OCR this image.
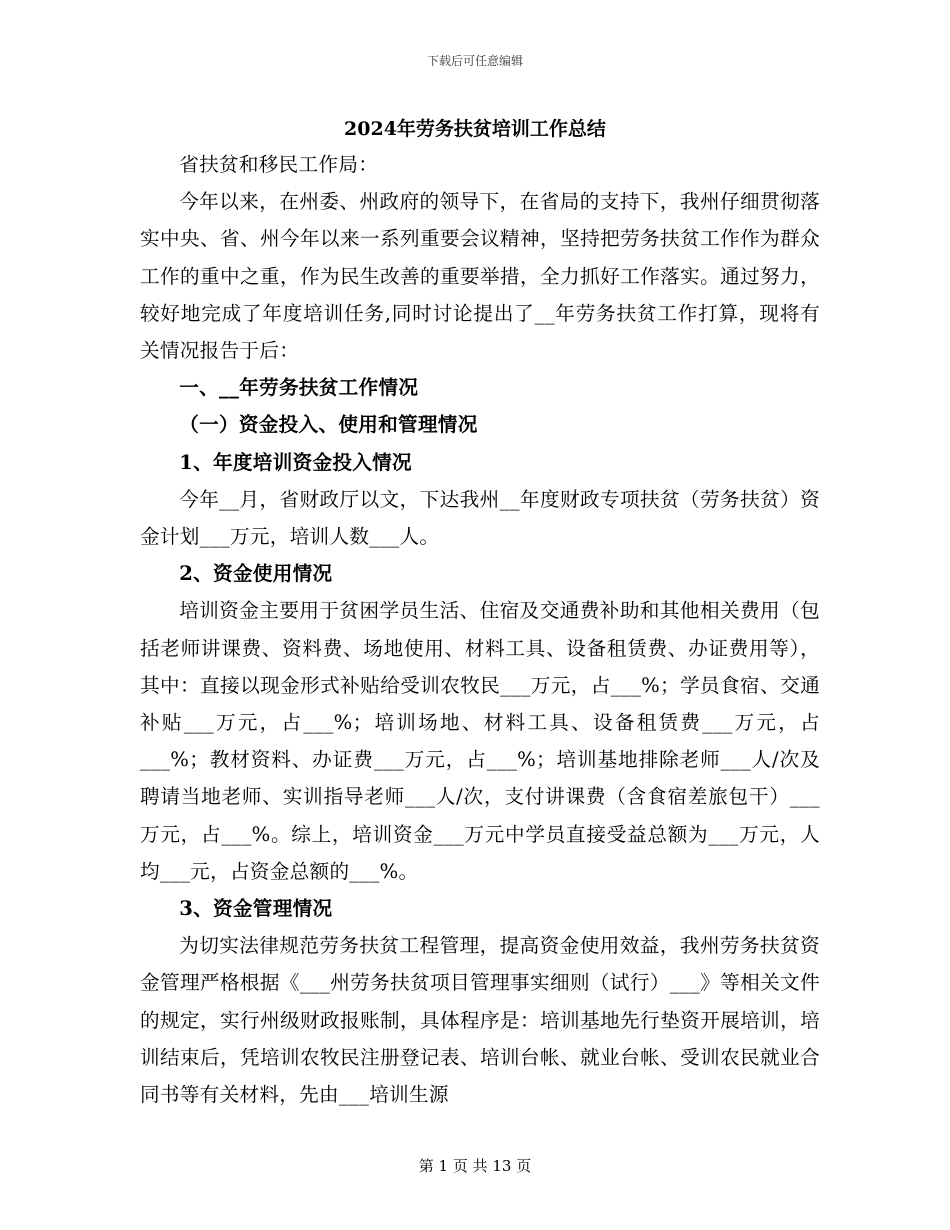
下载后可任意编辑
2024年劳务扶贫培训工作总结

省扶贫和移民工作局：

今年以来，在州委、州政府的领导下，在省局的支持下，我州仔细贯彻落实中央、省、州今年以来一系列重要会议精神，坚持把劳务扶贫工作作为群众工作的重中之重，作为民生改善的重要举措，全力抓好工作落实。通过努力，较好地完成了年度培训任务,同时讨论提出了__年劳务扶贫工作打算，现将有关情况报告于后：

一、__年劳务扶贫工作情况

（一）资金投入、使用和管理情况

1、年度培训资金投入情况

今年__月，省财政厅以文，下达我州__年度财政专项扶贫（劳务扶贫）资金计划___万元，培训人数___人。

2、资金使用情况

培训资金主要用于贫困学员生活、住宿及交通费补助和其他相关费用（包括老师讲课费、资料费、场地使用、材料工具、设备租赁费、办证费用等），其中：直接以现金形式补贴给受训农牧民___万元，占___%；学员食宿、交通补贴___万元，占___%；培训场地、材料工具、设备租赁费___万元，占___%；教材资料、办证费___万元，占___%；培训基地排除老师___人/次及聘请当地老师、实训指导老师___人/次，支付讲课费（含食宿差旅包干）___万元，占___%。综上，培训资金___万元中学员直接受益总额为___万元，人均___元，占资金总额的___%。

3、资金管理情况

为切实法律规范劳务扶贫工程管理，提高资金使用效益，我州劳务扶贫资金管理严格根据《___州劳务扶贫项目管理事实细则（试行）___》等相关文件的规定，实行州级财政报账制，具体程序是：培训基地先行垫资开展培训，培训结束后，凭培训农牧民注册登记表、培训台帐、就业台帐、受训农民就业合同书等有关材料，先由___培训生源

第 1 页 共 13 页
